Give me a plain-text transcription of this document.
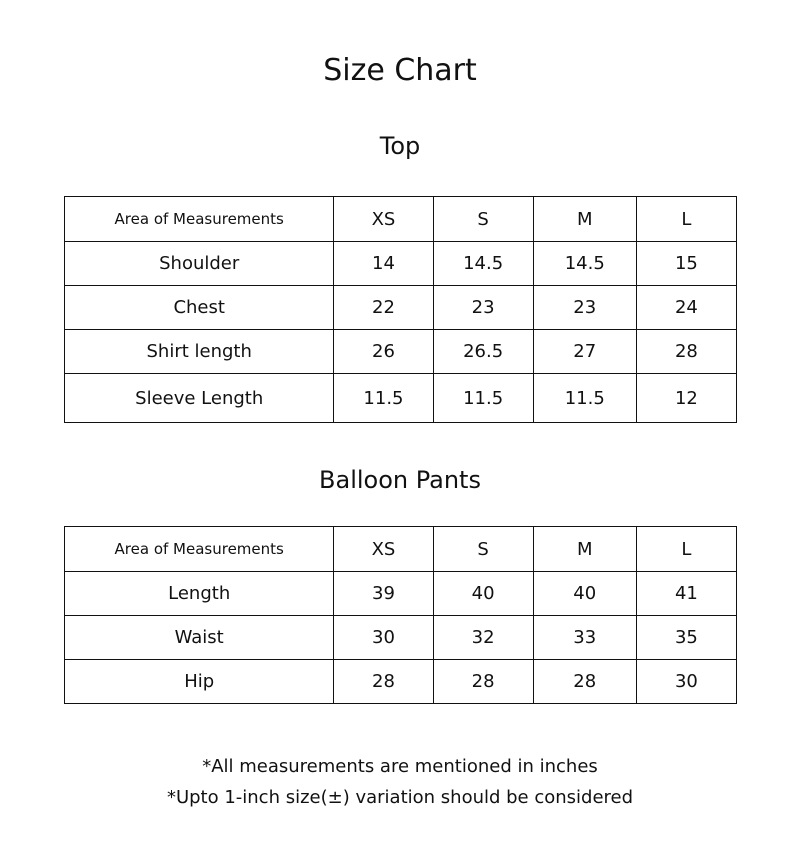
Size Chart
Top
Area of Measurements	XS	S	M	L
Shoulder	14	14.5	14.5	15
Chest	22	23	23	24
Shirt length	26	26.5	27	28
Sleeve Length	11.5	11.5	11.5	12
Balloon Pants
Area of Measurements	XS	S	M	L
Length	39	40	40	41
Waist	30	32	33	35
Hip	28	28	28	30
*All measurements are mentioned in inches
*Upto 1-inch size(±) variation should be considered
